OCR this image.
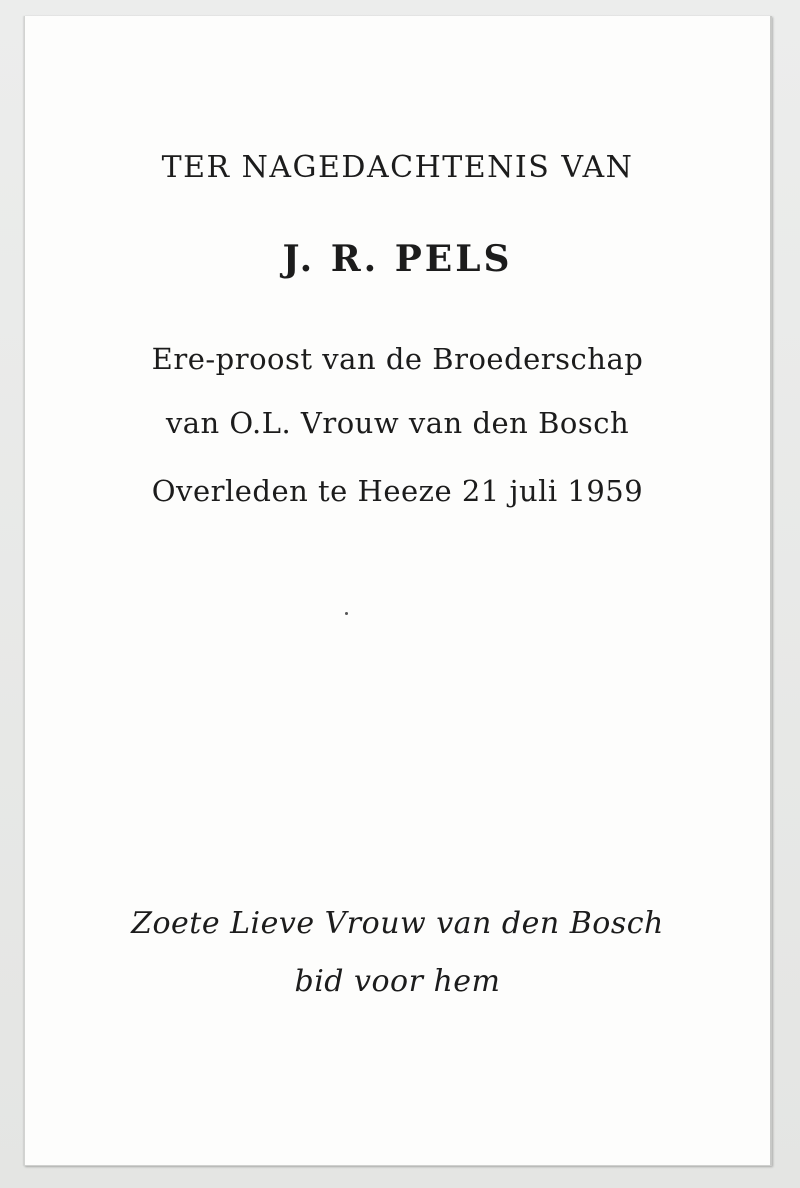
TER NAGEDACHTENIS VAN
J. R. PELS
Ere-proost van de Broederschap
van O.L. Vrouw van den Bosch
Overleden te Heeze 21 juli 1959
Zoete Lieve Vrouw van den Bosch
bid voor hem
